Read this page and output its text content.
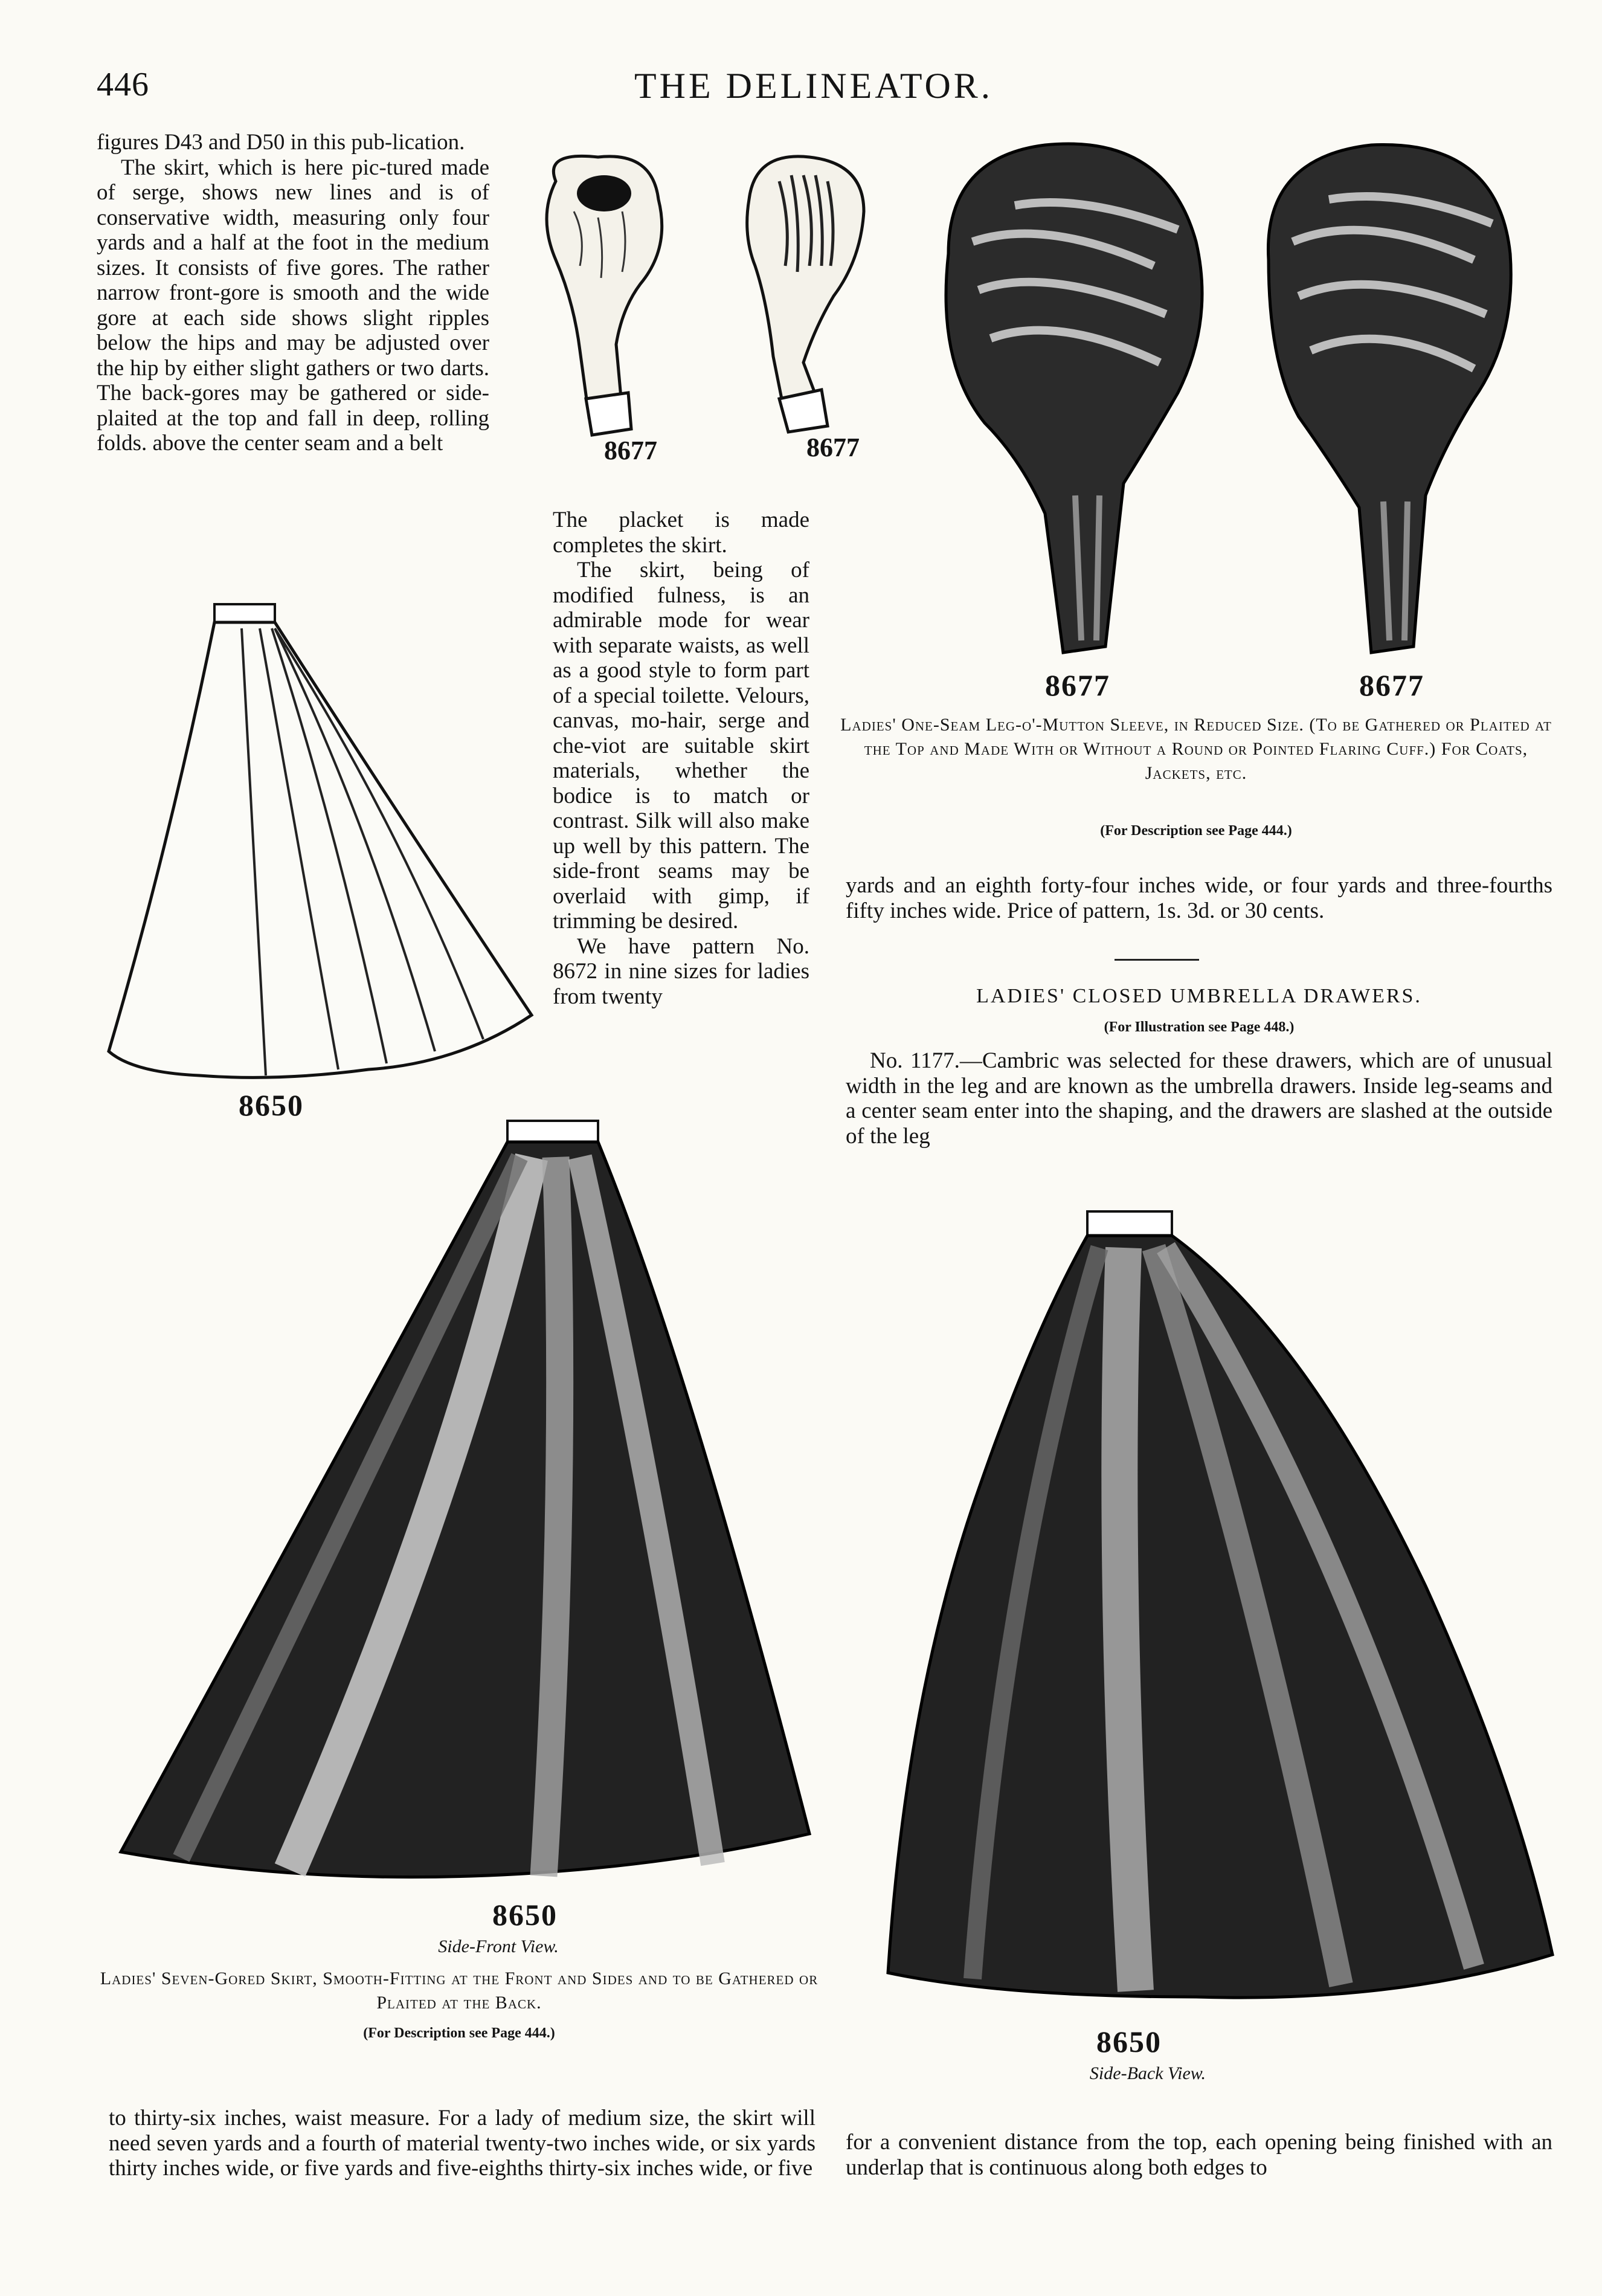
446	THE DELINEATOR.

figures D43 and D50 in this pub-lication.

The skirt, which is here pic-tured made of serge, shows new lines and is of conservative width, measuring only four yards and a half at the foot in the medium sizes. It consists of five gores. The rather narrow front-gore is smooth and the wide gore at each side shows slight ripples below the hips and may be adjusted over the hip by either slight gathers or two darts. The back-gores may be gathered or side-plaited at the top and fall in deep, rolling folds. above the center seam and a belt

The placket is made completes the skirt.

The skirt, being of modified fulness, is an admirable mode for wear with separate waists, as well as a good style to form part of a special toilette. Velours, canvas, mo-hair, serge and che-viot are suitable skirt materials, whether the bodice is to match or contrast. Silk will also make up well by this pattern. The side-front seams may be overlaid with gimp, if trimming be desired.

We have pattern No. 8672 in nine sizes for ladies from twenty

8677	8677
8677	8677
Ladies' One-Seam Leg-o'-Mutton Sleeve, in Reduced Size. (To be Gathered or Plaited at the Top and Made With or Without a Round or Pointed Flaring Cuff.) For Coats, Jackets, etc.
(For Description see Page 444.)

yards and an eighth forty-four inches wide, or four yards and three-fourths fifty inches wide. Price of pattern, 1s. 3d. or 30 cents.

LADIES' CLOSED UMBRELLA DRAWERS.
(For Illustration see Page 448.)
No. 1177.—Cambric was selected for these drawers, which are of unusual width in the leg and are known as the umbrella drawers. Inside leg-seams and a center seam enter into the shaping, and the drawers are slashed at the outside of the leg
8650
8650
Side-Front View.
Ladies' Seven-Gored Skirt, Smooth-Fitting at the Front and Sides and to be Gathered or Plaited at the Back.
(For Description see Page 444.)	8650
Side-Back View.
to thirty-six inches, waist measure. For a lady of medium size, the skirt will need seven yards and a fourth of material twenty-two inches wide, or six yards thirty inches wide, or five yards and five-eighths thirty-six inches wide, or five
for a convenient distance from the top, each opening being finished with an underlap that is continuous along both edges to
